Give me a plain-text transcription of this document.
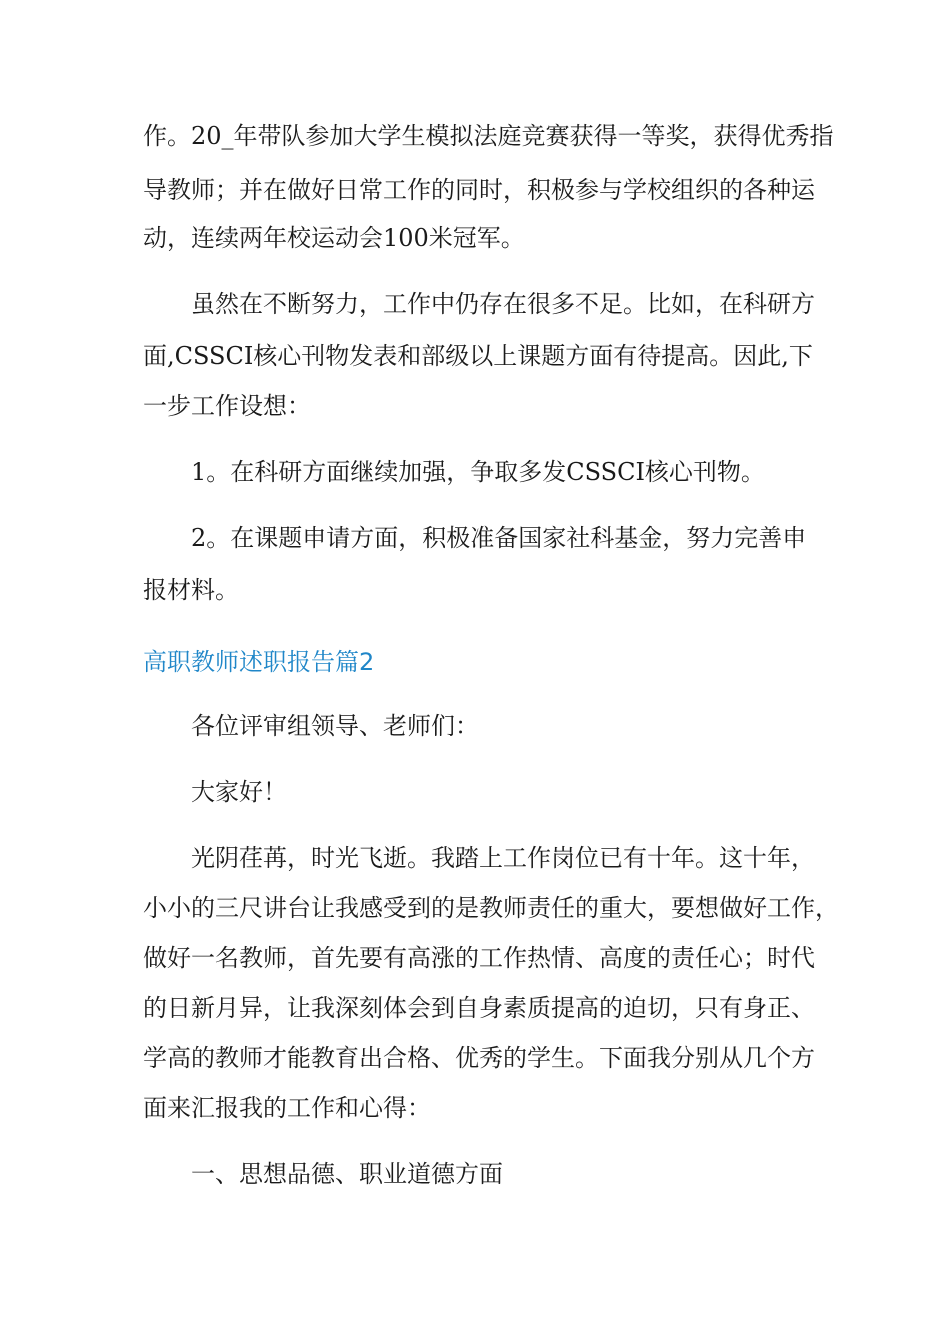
作。20_年带队参加大学生模拟法庭竞赛获得一等奖，获得优秀指
导教师；并在做好日常工作的同时，积极参与学校组织的各种运
动，连续两年校运动会100米冠军。
虽然在不断努力，工作中仍存在很多不足。比如，在科研方
面,CSSCI核心刊物发表和部级以上课题方面有待提高。因此,下
一步工作设想：
1。在科研方面继续加强，争取多发CSSCI核心刊物。
2。在课题申请方面，积极准备国家社科基金，努力完善申
报材料。
高职教师述职报告篇2
各位评审组领导、老师们：
大家好！
光阴荏苒，时光飞逝。我踏上工作岗位已有十年。这十年，
小小的三尺讲台让我感受到的是教师责任的重大，要想做好工作，
做好一名教师，首先要有高涨的工作热情、高度的责任心；时代
的日新月异，让我深刻体会到自身素质提高的迫切，只有身正、
学高的教师才能教育出合格、优秀的学生。下面我分别从几个方
面来汇报我的工作和心得：
一、思想品德、职业道德方面
